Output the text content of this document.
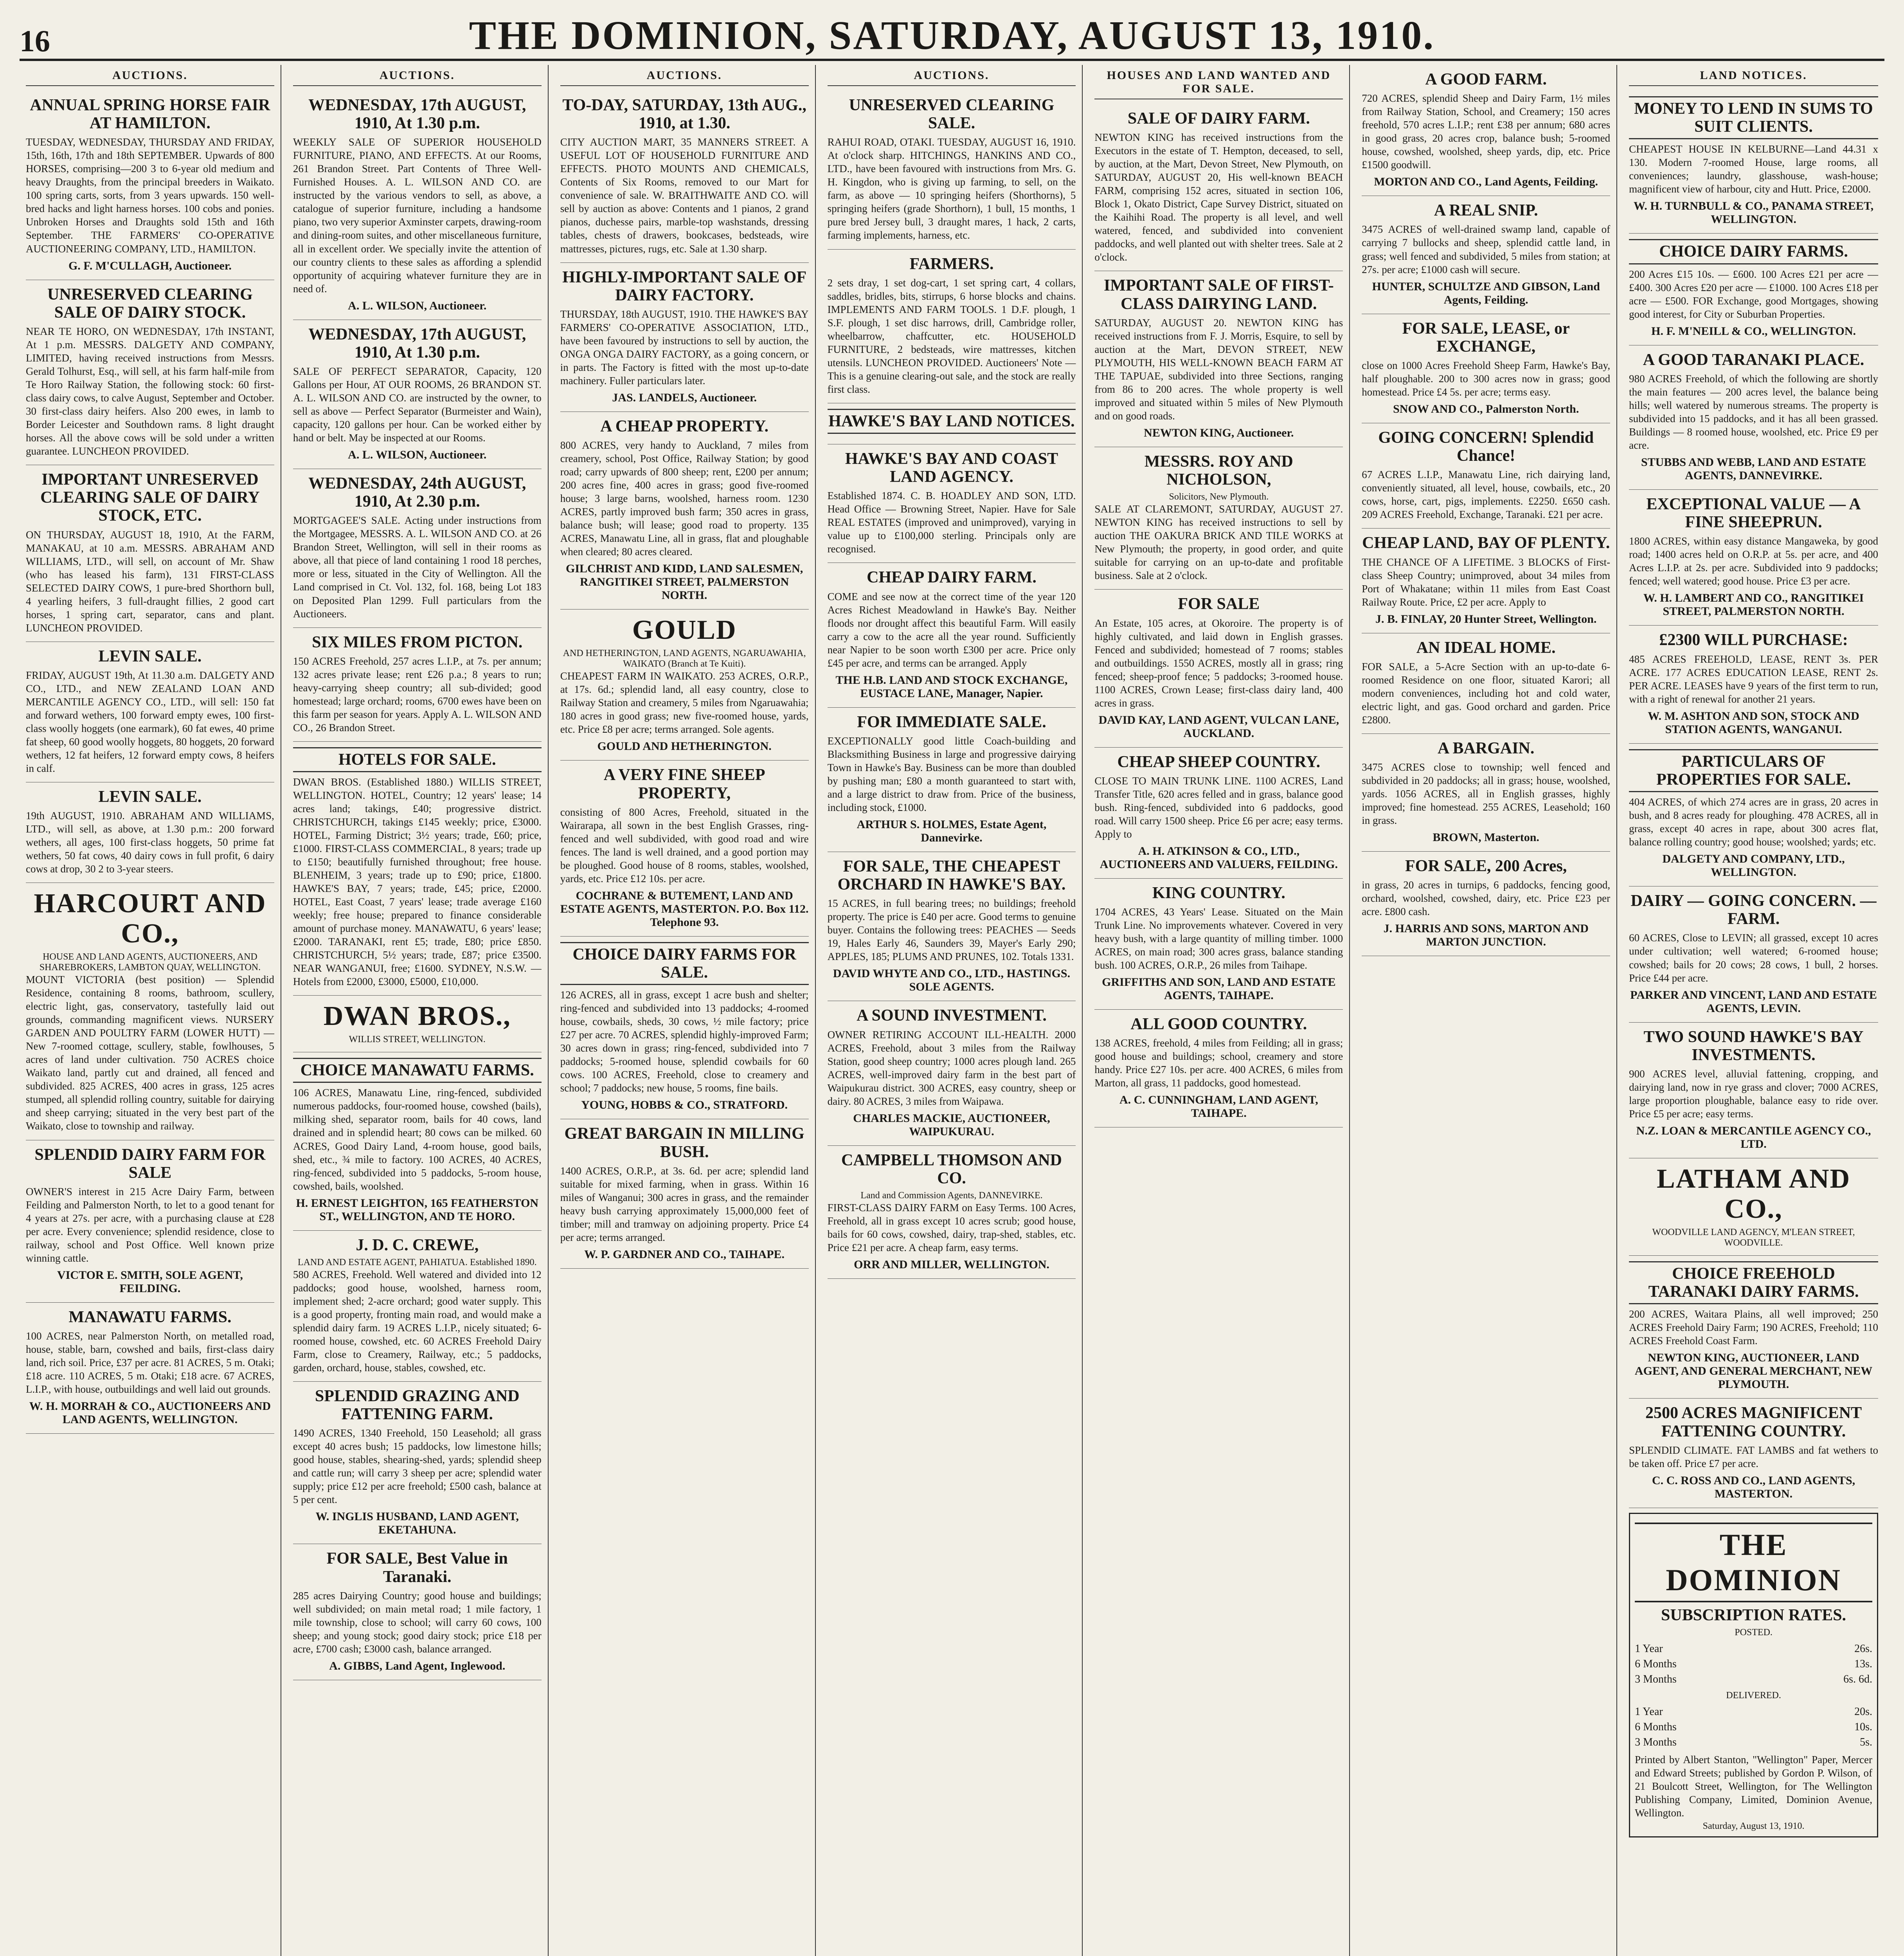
16	THE DOMINION, SATURDAY, AUGUST 13, 1910.
AUCTIONS.
ANNUAL SPRING HORSE FAIR AT HAMILTON.

TUESDAY, WEDNESDAY, THURSDAY AND FRIDAY, 15th, 16th, 17th and 18th SEPTEMBER. Upwards of 800 HORSES, comprising—200 3 to 6-year old medium and heavy Draughts, from the principal breeders in Waikato. 100 spring carts, sorts, from 3 years upwards. 150 well-bred hacks and light harness horses. 100 cobs and ponies. Unbroken Horses and Draughts sold 15th and 16th September. THE FARMERS' CO-OPERATIVE AUCTIONEERING COMPANY, LTD., HAMILTON.

G. F. M'CULLAGH, Auctioneer.
UNRESERVED CLEARING SALE OF DAIRY STOCK.

NEAR TE HORO, ON WEDNESDAY, 17th INSTANT, At 1 p.m. MESSRS. DALGETY AND COMPANY, LIMITED, having received instructions from Messrs. Gerald Tolhurst, Esq., will sell, at his farm half-mile from Te Horo Railway Station, the following stock: 60 first-class dairy cows, to calve August, September and October. 30 first-class dairy heifers. Also 200 ewes, in lamb to Border Leicester and Southdown rams. 8 light draught horses. All the above cows will be sold under a written guarantee. LUNCHEON PROVIDED.

IMPORTANT UNRESERVED CLEARING SALE OF DAIRY STOCK, ETC.

ON THURSDAY, AUGUST 18, 1910, At the FARM, MANAKAU, at 10 a.m. MESSRS. ABRAHAM AND WILLIAMS, LTD., will sell, on account of Mr. Shaw (who has leased his farm), 131 FIRST-CLASS SELECTED DAIRY COWS, 1 pure-bred Shorthorn bull, 4 yearling heifers, 3 full-draught fillies, 2 good cart horses, 1 spring cart, separator, cans and plant. LUNCHEON PROVIDED.

LEVIN SALE.

FRIDAY, AUGUST 19th, At 11.30 a.m. DALGETY AND CO., LTD., and NEW ZEALAND LOAN AND MERCANTILE AGENCY CO., LTD., will sell: 150 fat and forward wethers, 100 forward empty ewes, 100 first-class woolly hoggets (one earmark), 60 fat ewes, 40 prime fat sheep, 60 good woolly hoggets, 80 hoggets, 20 forward wethers, 12 fat heifers, 12 forward empty cows, 8 heifers in calf.

LEVIN SALE.

19th AUGUST, 1910. ABRAHAM AND WILLIAMS, LTD., will sell, as above, at 1.30 p.m.: 200 forward wethers, all ages, 100 first-class hoggets, 50 prime fat wethers, 50 fat cows, 40 dairy cows in full profit, 6 dairy cows at drop, 30 2 to 3-year steers.

HARCOURT AND CO.,
HOUSE AND LAND AGENTS, AUCTIONEERS, AND SHAREBROKERS, LAMBTON QUAY, WELLINGTON.

MOUNT VICTORIA (best position) — Splendid Residence, containing 8 rooms, bathroom, scullery, electric light, gas, conservatory, tastefully laid out grounds, commanding magnificent views. NURSERY GARDEN AND POULTRY FARM (LOWER HUTT) — New 7-roomed cottage, scullery, stable, fowlhouses, 5 acres of land under cultivation. 750 ACRES choice Waikato land, partly cut and drained, all fenced and subdivided. 825 ACRES, 400 acres in grass, 125 acres stumped, all splendid rolling country, suitable for dairying and sheep carrying; situated in the very best part of the Waikato, close to township and railway.

SPLENDID DAIRY FARM FOR SALE

OWNER'S interest in 215 Acre Dairy Farm, between Feilding and Palmerston North, to let to a good tenant for 4 years at 27s. per acre, with a purchasing clause at £28 per acre. Every convenience; splendid residence, close to railway, school and Post Office. Well known prize winning cattle.

VICTOR E. SMITH, SOLE AGENT, FEILDING.
MANAWATU FARMS.

100 ACRES, near Palmerston North, on metalled road, house, stable, barn, cowshed and bails, first-class dairy land, rich soil. Price, £37 per acre. 81 ACRES, 5 m. Otaki; £18 acre. 110 ACRES, 5 m. Otaki; £18 acre. 67 ACRES, L.I.P., with house, outbuildings and well laid out grounds.

W. H. MORRAH & CO., AUCTIONEERS AND LAND AGENTS, WELLINGTON.
AUCTIONS.
WEDNESDAY, 17th AUGUST, 1910, At 1.30 p.m.

WEEKLY SALE OF SUPERIOR HOUSEHOLD FURNITURE, PIANO, AND EFFECTS. At our Rooms, 261 Brandon Street. Part Contents of Three Well-Furnished Houses. A. L. WILSON AND CO. are instructed by the various vendors to sell, as above, a catalogue of superior furniture, including a handsome piano, two very superior Axminster carpets, drawing-room and dining-room suites, and other miscellaneous furniture, all in excellent order. We specially invite the attention of our country clients to these sales as affording a splendid opportunity of acquiring whatever furniture they are in need of.

A. L. WILSON, Auctioneer.
WEDNESDAY, 17th AUGUST, 1910, At 1.30 p.m.

SALE OF PERFECT SEPARATOR, Capacity, 120 Gallons per Hour, AT OUR ROOMS, 26 BRANDON ST. A. L. WILSON AND CO. are instructed by the owner, to sell as above — Perfect Separator (Burmeister and Wain), capacity, 120 gallons per hour. Can be worked either by hand or belt. May be inspected at our Rooms.

A. L. WILSON, Auctioneer.
WEDNESDAY, 24th AUGUST, 1910, At 2.30 p.m.

MORTGAGEE'S SALE. Acting under instructions from the Mortgagee, MESSRS. A. L. WILSON AND CO. at 26 Brandon Street, Wellington, will sell in their rooms as above, all that piece of land containing 1 rood 18 perches, more or less, situated in the City of Wellington. All the Land comprised in Ct. Vol. 132, fol. 168, being Lot 183 on Deposited Plan 1299. Full particulars from the Auctioneers.

SIX MILES FROM PICTON.

150 ACRES Freehold, 257 acres L.I.P., at 7s. per annum; 132 acres private lease; rent £26 p.a.; 8 years to run; heavy-carrying sheep country; all sub-divided; good homestead; large orchard; rooms, 6700 ewes have been on this farm per season for years. Apply A. L. WILSON AND CO., 26 Brandon Street.

HOTELS FOR SALE.

DWAN BROS. (Established 1880.) WILLIS STREET, WELLINGTON. HOTEL, Country; 12 years' lease; 14 acres land; takings, £40; progressive district. CHRISTCHURCH, takings £145 weekly; price, £3000. HOTEL, Farming District; 3½ years; trade, £60; price, £1000. FIRST-CLASS COMMERCIAL, 8 years; trade up to £150; beautifully furnished throughout; free house. BLENHEIM, 3 years; trade up to £90; price, £1800. HAWKE'S BAY, 7 years; trade, £45; price, £2000. HOTEL, East Coast, 7 years' lease; trade average £160 weekly; free house; prepared to finance considerable amount of purchase money. MANAWATU, 6 years' lease; £2000. TARANAKI, rent £5; trade, £80; price £850. CHRISTCHURCH, 5½ years; trade, £87; price £3500. NEAR WANGANUI, free; £1600. SYDNEY, N.S.W. — Hotels from £2000, £3000, £5000, £10,000.

DWAN BROS.,
WILLIS STREET, WELLINGTON.
CHOICE MANAWATU FARMS.

106 ACRES, Manawatu Line, ring-fenced, subdivided numerous paddocks, four-roomed house, cowshed (bails), milking shed, separator room, bails for 40 cows, land drained and in splendid heart; 80 cows can be milked. 60 ACRES, Good Dairy Land, 4-room house, good bails, shed, etc., ¾ mile to factory. 100 ACRES, 40 ACRES, ring-fenced, subdivided into 5 paddocks, 5-room house, cowshed, bails, woolshed.

H. ERNEST LEIGHTON, 165 FEATHERSTON ST., WELLINGTON, AND TE HORO.
J. D. C. CREWE,
LAND AND ESTATE AGENT, PAHIATUA. Established 1890.

580 ACRES, Freehold. Well watered and divided into 12 paddocks; good house, woolshed, harness room, implement shed; 2-acre orchard; good water supply. This is a good property, fronting main road, and would make a splendid dairy farm. 19 ACRES L.I.P., nicely situated; 6-roomed house, cowshed, etc. 60 ACRES Freehold Dairy Farm, close to Creamery, Railway, etc.; 5 paddocks, garden, orchard, house, stables, cowshed, etc.

SPLENDID GRAZING AND FATTENING FARM.

1490 ACRES, 1340 Freehold, 150 Leasehold; all grass except 40 acres bush; 15 paddocks, low limestone hills; good house, stables, shearing-shed, yards; splendid sheep and cattle run; will carry 3 sheep per acre; splendid water supply; price £12 per acre freehold; £500 cash, balance at 5 per cent.

W. INGLIS HUSBAND, LAND AGENT, EKETAHUNA.
FOR SALE, Best Value in Taranaki.

285 acres Dairying Country; good house and buildings; well subdivided; on main metal road; 1 mile factory, 1 mile township, close to school; will carry 60 cows, 100 sheep; and young stock; good dairy stock; price £18 per acre, £700 cash; £3000 cash, balance arranged.

A. GIBBS, Land Agent, Inglewood.
AUCTIONS.
TO-DAY, SATURDAY, 13th AUG., 1910, at 1.30.

CITY AUCTION MART, 35 MANNERS STREET. A USEFUL LOT OF HOUSEHOLD FURNITURE AND EFFECTS. PHOTO MOUNTS AND CHEMICALS, Contents of Six Rooms, removed to our Mart for convenience of sale. W. BRAITHWAITE AND CO. will sell by auction as above: Contents and 1 pianos, 2 grand pianos, duchesse pairs, marble-top washstands, dressing tables, chests of drawers, bookcases, bedsteads, wire mattresses, pictures, rugs, etc. Sale at 1.30 sharp.

HIGHLY-IMPORTANT SALE OF DAIRY FACTORY.

THURSDAY, 18th AUGUST, 1910. THE HAWKE'S BAY FARMERS' CO-OPERATIVE ASSOCIATION, LTD., have been favoured by instructions to sell by auction, the ONGA ONGA DAIRY FACTORY, as a going concern, or in parts. The Factory is fitted with the most up-to-date machinery. Fuller particulars later.

JAS. LANDELS, Auctioneer.
A CHEAP PROPERTY.

800 ACRES, very handy to Auckland, 7 miles from creamery, school, Post Office, Railway Station; by good road; carry upwards of 800 sheep; rent, £200 per annum; 200 acres fine, 400 acres in grass; good five-roomed house; 3 large barns, woolshed, harness room. 1230 ACRES, partly improved bush farm; 350 acres in grass, balance bush; will lease; good road to property. 135 ACRES, Manawatu Line, all in grass, flat and ploughable when cleared; 80 acres cleared.

GILCHRIST AND KIDD, LAND SALESMEN, RANGITIKEI STREET, PALMERSTON NORTH.
GOULD
AND HETHERINGTON, LAND AGENTS, NGARUAWAHIA, WAIKATO (Branch at Te Kuiti).

CHEAPEST FARM IN WAIKATO. 253 ACRES, O.R.P., at 17s. 6d.; splendid land, all easy country, close to Railway Station and creamery, 5 miles from Ngaruawahia; 180 acres in good grass; new five-roomed house, yards, etc. Price £8 per acre; terms arranged. Sole agents.

GOULD AND HETHERINGTON.
A VERY FINE SHEEP PROPERTY,

consisting of 800 Acres, Freehold, situated in the Wairarapa, all sown in the best English Grasses, ring-fenced and well subdivided, with good road and wire fences. The land is well drained, and a good portion may be ploughed. Good house of 8 rooms, stables, woolshed, yards, etc. Price £12 10s. per acre.

COCHRANE & BUTEMENT, LAND AND ESTATE AGENTS, MASTERTON. P.O. Box 112. Telephone 93.
CHOICE DAIRY FARMS FOR SALE.

126 ACRES, all in grass, except 1 acre bush and shelter; ring-fenced and subdivided into 13 paddocks; 4-roomed house, cowbails, sheds, 30 cows, ½ mile factory; price £27 per acre. 70 ACRES, splendid highly-improved Farm; 30 acres down in grass; ring-fenced, subdivided into 7 paddocks; 5-roomed house, splendid cowbails for 60 cows. 100 ACRES, Freehold, close to creamery and school; 7 paddocks; new house, 5 rooms, fine bails.

YOUNG, HOBBS & CO., STRATFORD.
GREAT BARGAIN IN MILLING BUSH.

1400 ACRES, O.R.P., at 3s. 6d. per acre; splendid land suitable for mixed farming, when in grass. Within 16 miles of Wanganui; 300 acres in grass, and the remainder heavy bush carrying approximately 15,000,000 feet of timber; mill and tramway on adjoining property. Price £4 per acre; terms arranged.

W. P. GARDNER AND CO., TAIHAPE.
AUCTIONS.
UNRESERVED CLEARING SALE.

RAHUI ROAD, OTAKI. TUESDAY, AUGUST 16, 1910. At o'clock sharp. HITCHINGS, HANKINS AND CO., LTD., have been favoured with instructions from Mrs. G. H. Kingdon, who is giving up farming, to sell, on the farm, as above — 10 springing heifers (Shorthorns), 5 springing heifers (grade Shorthorn), 1 bull, 15 months, 1 pure bred Jersey bull, 3 draught mares, 1 hack, 2 carts, farming implements, harness, etc.

FARMERS.

2 sets dray, 1 set dog-cart, 1 set spring cart, 4 collars, saddles, bridles, bits, stirrups, 6 horse blocks and chains. IMPLEMENTS AND FARM TOOLS. 1 D.F. plough, 1 S.F. plough, 1 set disc harrows, drill, Cambridge roller, wheelbarrow, chaffcutter, etc. HOUSEHOLD FURNITURE, 2 bedsteads, wire mattresses, kitchen utensils. LUNCHEON PROVIDED. Auctioneers' Note — This is a genuine clearing-out sale, and the stock are really first class.

HAWKE'S BAY LAND NOTICES.
HAWKE'S BAY AND COAST LAND AGENCY.

Established 1874. C. B. HOADLEY AND SON, LTD. Head Office — Browning Street, Napier. Have for Sale REAL ESTATES (improved and unimproved), varying in value up to £100,000 sterling. Principals only are recognised.

CHEAP DAIRY FARM.

COME and see now at the correct time of the year 120 Acres Richest Meadowland in Hawke's Bay. Neither floods nor drought affect this beautiful Farm. Will easily carry a cow to the acre all the year round. Sufficiently near Napier to be soon worth £300 per acre. Price only £45 per acre, and terms can be arranged. Apply

THE H.B. LAND AND STOCK EXCHANGE, EUSTACE LANE, Manager, Napier.
FOR IMMEDIATE SALE.

EXCEPTIONALLY good little Coach-building and Blacksmithing Business in large and progressive dairying Town in Hawke's Bay. Business can be more than doubled by pushing man; £80 a month guaranteed to start with, and a large district to draw from. Price of the business, including stock, £1000.

ARTHUR S. HOLMES, Estate Agent, Dannevirke.
FOR SALE, THE CHEAPEST ORCHARD IN HAWKE'S BAY.

15 ACRES, in full bearing trees; no buildings; freehold property. The price is £40 per acre. Good terms to genuine buyer. Contains the following trees: PEACHES — Seeds 19, Hales Early 46, Saunders 39, Mayer's Early 290; APPLES, 185; PLUMS AND PRUNES, 102. Totals 1331.

DAVID WHYTE AND CO., LTD., HASTINGS. SOLE AGENTS.
A SOUND INVESTMENT.

OWNER RETIRING ACCOUNT ILL-HEALTH. 2000 ACRES, Freehold, about 3 miles from the Railway Station, good sheep country; 1000 acres plough land. 265 ACRES, well-improved dairy farm in the best part of Waipukurau district. 300 ACRES, easy country, sheep or dairy. 80 ACRES, 3 miles from Waipawa.

CHARLES MACKIE, AUCTIONEER, WAIPUKURAU.
CAMPBELL THOMSON AND CO.
Land and Commission Agents, DANNEVIRKE.

FIRST-CLASS DAIRY FARM on Easy Terms. 100 Acres, Freehold, all in grass except 10 acres scrub; good house, bails for 60 cows, cowshed, dairy, trap-shed, stables, etc. Price £21 per acre. A cheap farm, easy terms.

ORR AND MILLER, WELLINGTON.
HOUSES AND LAND WANTED AND FOR SALE.
SALE OF DAIRY FARM.

NEWTON KING has received instructions from the Executors in the estate of T. Hempton, deceased, to sell, by auction, at the Mart, Devon Street, New Plymouth, on SATURDAY, AUGUST 20, His well-known BEACH FARM, comprising 152 acres, situated in section 106, Block 1, Okato District, Cape Survey District, situated on the Kaihihi Road. The property is all level, and well watered, fenced, and subdivided into convenient paddocks, and well planted out with shelter trees. Sale at 2 o'clock.

IMPORTANT SALE OF FIRST-CLASS DAIRYING LAND.

SATURDAY, AUGUST 20. NEWTON KING has received instructions from F. J. Morris, Esquire, to sell by auction at the Mart, DEVON STREET, NEW PLYMOUTH, HIS WELL-KNOWN BEACH FARM AT THE TAPUAE, subdivided into three Sections, ranging from 86 to 200 acres. The whole property is well improved and situated within 5 miles of New Plymouth and on good roads.

NEWTON KING, Auctioneer.
MESSRS. ROY AND NICHOLSON,
Solicitors, New Plymouth.

SALE AT CLAREMONT, SATURDAY, AUGUST 27. NEWTON KING has received instructions to sell by auction THE OAKURA BRICK AND TILE WORKS at New Plymouth; the property, in good order, and quite suitable for carrying on an up-to-date and profitable business. Sale at 2 o'clock.

FOR SALE

An Estate, 105 acres, at Okoroire. The property is of highly cultivated, and laid down in English grasses. Fenced and subdivided; homestead of 7 rooms; stables and outbuildings. 1550 ACRES, mostly all in grass; ring fenced; sheep-proof fence; 5 paddocks; 3-roomed house. 1100 ACRES, Crown Lease; first-class dairy land, 400 acres in grass.

DAVID KAY, LAND AGENT, VULCAN LANE, AUCKLAND.
CHEAP SHEEP COUNTRY.

CLOSE TO MAIN TRUNK LINE. 1100 ACRES, Land Transfer Title, 620 acres felled and in grass, balance good bush. Ring-fenced, subdivided into 6 paddocks, good road. Will carry 1500 sheep. Price £6 per acre; easy terms. Apply to

A. H. ATKINSON & CO., LTD., AUCTIONEERS AND VALUERS, FEILDING.
KING COUNTRY.

1704 ACRES, 43 Years' Lease. Situated on the Main Trunk Line. No improvements whatever. Covered in very heavy bush, with a large quantity of milling timber. 1000 ACRES, on main road; 300 acres grass, balance standing bush. 100 ACRES, O.R.P., 26 miles from Taihape.

GRIFFITHS AND SON, LAND AND ESTATE AGENTS, TAIHAPE.
ALL GOOD COUNTRY.

138 ACRES, freehold, 4 miles from Feilding; all in grass; good house and buildings; school, creamery and store handy. Price £27 10s. per acre. 400 ACRES, 6 miles from Marton, all grass, 11 paddocks, good homestead.

A. C. CUNNINGHAM, LAND AGENT, TAIHAPE.
A GOOD FARM.

720 ACRES, splendid Sheep and Dairy Farm, 1½ miles from Railway Station, School, and Creamery; 150 acres freehold, 570 acres L.I.P.; rent £38 per annum; 680 acres in good grass, 20 acres crop, balance bush; 5-roomed house, cowshed, woolshed, sheep yards, dip, etc. Price £1500 goodwill.

MORTON AND CO., Land Agents, Feilding.
A REAL SNIP.

3475 ACRES of well-drained swamp land, capable of carrying 7 bullocks and sheep, splendid cattle land, in grass; well fenced and subdivided, 5 miles from station; at 27s. per acre; £1000 cash will secure.

HUNTER, SCHULTZE AND GIBSON, Land Agents, Feilding.
FOR SALE, LEASE, or EXCHANGE,

close on 1000 Acres Freehold Sheep Farm, Hawke's Bay, half ploughable. 200 to 300 acres now in grass; good homestead. Price £4 5s. per acre; terms easy.

SNOW AND CO., Palmerston North.
GOING CONCERN! Splendid Chance!

67 ACRES L.I.P., Manawatu Line, rich dairying land, conveniently situated, all level, house, cowbails, etc., 20 cows, horse, cart, pigs, implements. £2250. £650 cash. 209 ACRES Freehold, Exchange, Taranaki. £21 per acre.

CHEAP LAND, BAY OF PLENTY.

THE CHANCE OF A LIFETIME. 3 BLOCKS of First-class Sheep Country; unimproved, about 34 miles from Port of Whakatane; within 11 miles from East Coast Railway Route. Price, £2 per acre. Apply to

J. B. FINLAY, 20 Hunter Street, Wellington.
AN IDEAL HOME.

FOR SALE, a 5-Acre Section with an up-to-date 6-roomed Residence on one floor, situated Karori; all modern conveniences, including hot and cold water, electric light, and gas. Good orchard and garden. Price £2800.

A BARGAIN.

3475 ACRES close to township; well fenced and subdivided in 20 paddocks; all in grass; house, woolshed, yards. 1056 ACRES, all in English grasses, highly improved; fine homestead. 255 ACRES, Leasehold; 160 in grass.

BROWN, Masterton.
FOR SALE, 200 Acres,

in grass, 20 acres in turnips, 6 paddocks, fencing good, orchard, woolshed, cowshed, dairy, etc. Price £23 per acre. £800 cash.

J. HARRIS AND SONS, MARTON AND MARTON JUNCTION.
LAND NOTICES.
MONEY TO LEND IN SUMS TO SUIT CLIENTS.

CHEAPEST HOUSE IN KELBURNE—Land 44.31 x 130. Modern 7-roomed House, large rooms, all conveniences; laundry, glasshouse, wash-house; magnificent view of harbour, city and Hutt. Price, £2000.

W. H. TURNBULL & CO., PANAMA STREET, WELLINGTON.
CHOICE DAIRY FARMS.

200 Acres £15 10s. — £600. 100 Acres £21 per acre — £400. 300 Acres £20 per acre — £1000. 100 Acres £18 per acre — £500. FOR Exchange, good Mortgages, showing good interest, for City or Suburban Properties.

H. F. M'NEILL & CO., WELLINGTON.
A GOOD TARANAKI PLACE.

980 ACRES Freehold, of which the following are shortly the main features — 200 acres level, the balance being hills; well watered by numerous streams. The property is subdivided into 15 paddocks, and it has all been grassed. Buildings — 8 roomed house, woolshed, etc. Price £9 per acre.

STUBBS AND WEBB, LAND AND ESTATE AGENTS, DANNEVIRKE.
EXCEPTIONAL VALUE — A FINE SHEEPRUN.

1800 ACRES, within easy distance Mangaweka, by good road; 1400 acres held on O.R.P. at 5s. per acre, and 400 Acres L.I.P. at 2s. per acre. Subdivided into 9 paddocks; fenced; well watered; good house. Price £3 per acre.

W. H. LAMBERT AND CO., RANGITIKEI STREET, PALMERSTON NORTH.
£2300 WILL PURCHASE:

485 ACRES FREEHOLD, LEASE, RENT 3s. PER ACRE. 177 ACRES EDUCATION LEASE, RENT 2s. PER ACRE. LEASES have 9 years of the first term to run, with a right of renewal for another 21 years.

W. M. ASHTON AND SON, STOCK AND STATION AGENTS, WANGANUI.
PARTICULARS OF PROPERTIES FOR SALE.

404 ACRES, of which 274 acres are in grass, 20 acres in bush, and 8 acres ready for ploughing. 478 ACRES, all in grass, except 40 acres in rape, about 300 acres flat, balance rolling country; good house; woolshed; yards; etc.

DALGETY AND COMPANY, LTD., WELLINGTON.
DAIRY — GOING CONCERN. — FARM.

60 ACRES, Close to LEVIN; all grassed, except 10 acres under cultivation; well watered; 6-roomed house; cowshed; bails for 20 cows; 28 cows, 1 bull, 2 horses. Price £44 per acre.

PARKER AND VINCENT, LAND AND ESTATE AGENTS, LEVIN.
TWO SOUND HAWKE'S BAY INVESTMENTS.

900 ACRES level, alluvial fattening, cropping, and dairying land, now in rye grass and clover; 7000 ACRES, large proportion ploughable, balance easy to ride over. Price £5 per acre; easy terms.

N.Z. LOAN & MERCANTILE AGENCY CO., LTD.
LATHAM AND CO.,
WOODVILLE LAND AGENCY, M'LEAN STREET, WOODVILLE.
CHOICE FREEHOLD TARANAKI DAIRY FARMS.

200 ACRES, Waitara Plains, all well improved; 250 ACRES Freehold Dairy Farm; 190 ACRES, Freehold; 110 ACRES Freehold Coast Farm.

NEWTON KING, AUCTIONEER, LAND AGENT, AND GENERAL MERCHANT, NEW PLYMOUTH.
2500 ACRES MAGNIFICENT FATTENING COUNTRY.

SPLENDID CLIMATE. FAT LAMBS and fat wethers to be taken off. Price £7 per acre.

C. C. ROSS AND CO., LAND AGENTS, MASTERTON.
THE DOMINION
SUBSCRIPTION RATES.
POSTED.
1 Year	26s.
6 Months	13s.
3 Months	6s. 6d.
DELIVERED.
1 Year	20s.
6 Months	10s.
3 Months	5s.

Printed by Albert Stanton, "Wellington" Paper, Mercer and Edward Streets; published by Gordon P. Wilson, of 21 Boulcott Street, Wellington, for The Wellington Publishing Company, Limited, Dominion Avenue, Wellington.

Saturday, August 13, 1910.
